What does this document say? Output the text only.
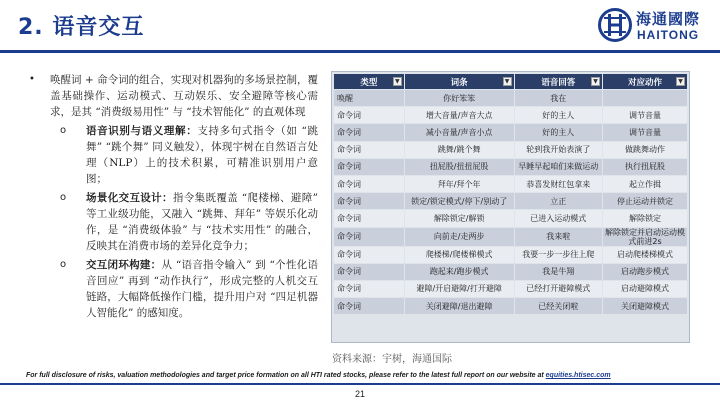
2. 语音交互	海通國際
HAITONG
• 唤醒词 + 命令词的组合，实现对机器狗的多场景控制，覆盖基础操作、运动模式、互动娱乐、安全避障等核心需求，是其 “消费级易用性” 与 “技术智能化” 的直观体现
o 语音识别与语义理解：支持多句式指令（如 “跳舞” “跳个舞” 同义触发），体现宇树在自然语言处理（NLP）上的技术积累，可精准识别用户意图；
o 场景化交互设计：指令集既覆盖 “爬楼梯、避障” 等工业级功能，又融入 “跳舞、拜年” 等娱乐化动作，是 “消费级体验” 与 “技术实用性” 的融合，反映其在消费市场的差异化竞争力；
o 交互闭环构建：从 “语音指令输入” 到 “个性化语音回应” 再到 “动作执行”，形成完整的人机交互链路，大幅降低操作门槛，提升用户对 “四足机器人智能化” 的感知度。
类型 ▼	词条 ▼	语音回答 ▼	对应动作 ▼

唤醒	你好笨笨	我在	
命令词	增大音量/声音大点	好的主人	调节音量
命令词	减小音量/声音小点	好的主人	调节音量
命令词	跳舞/跳个舞	轮到我开始表演了	做跳舞动作
命令词	扭屁股/扭扭屁股	早睡早起咱们来做运动	执行扭屁股
命令词	拜年/拜个年	恭喜发财红包拿来	起立作揖
命令词	锁定/锁定模式/停下/别动了	立正	停止运动并锁定
命令词	解除锁定/解锁	已进入运动模式	解除锁定
命令词	向前走/走两步	我来啦	解除锁定并启动运动模式前进2s
命令词	爬楼梯/爬楼梯模式	我要一步一步往上爬	启动爬楼梯模式
命令词	跑起来/跑步模式	我是牛翔	启动跑步模式
命令词	避障/开启避障/打开避障	已经打开避障模式	启动避障模式
命令词	关闭避障/退出避障	已经关闭啦	关闭避障模式
资料来源：宇树，海通国际
For full disclosure of risks, valuation methodologies and target price formation on all HTI rated stocks, please refer to the latest full report on our website at equities.htisec.com
21
